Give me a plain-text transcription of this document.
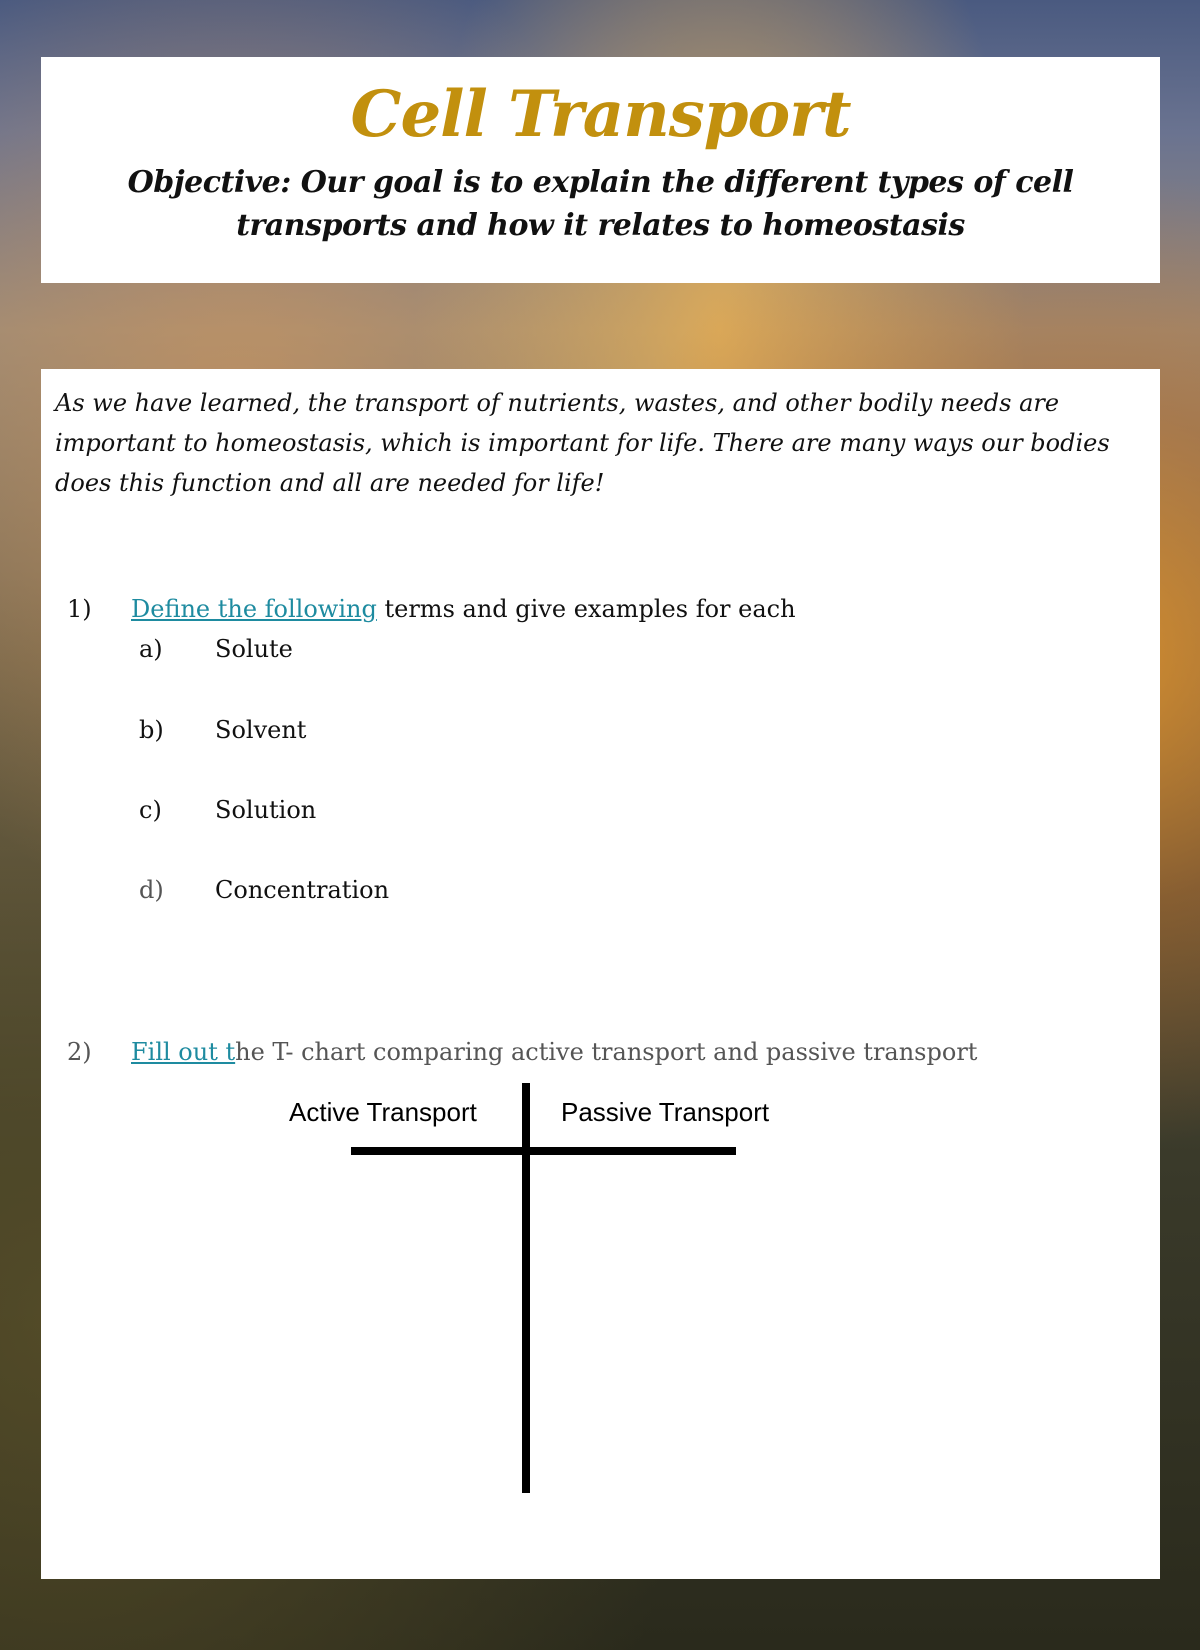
Cell Transport

Objective: Our goal is to explain the different types of cell transports and how it relates to homeostasis

As we have learned, the transport of nutrients, wastes, and other bodily needs are important to homeostasis, which is important for life. There are many ways our bodies does this function and all are needed for life!

1) Define the following terms and give examples for each
a) Solute
b) Solvent
c) Solution
d) Concentration
2) Fill out the T- chart comparing active transport and passive transport
Active Transport	Passive Transport
